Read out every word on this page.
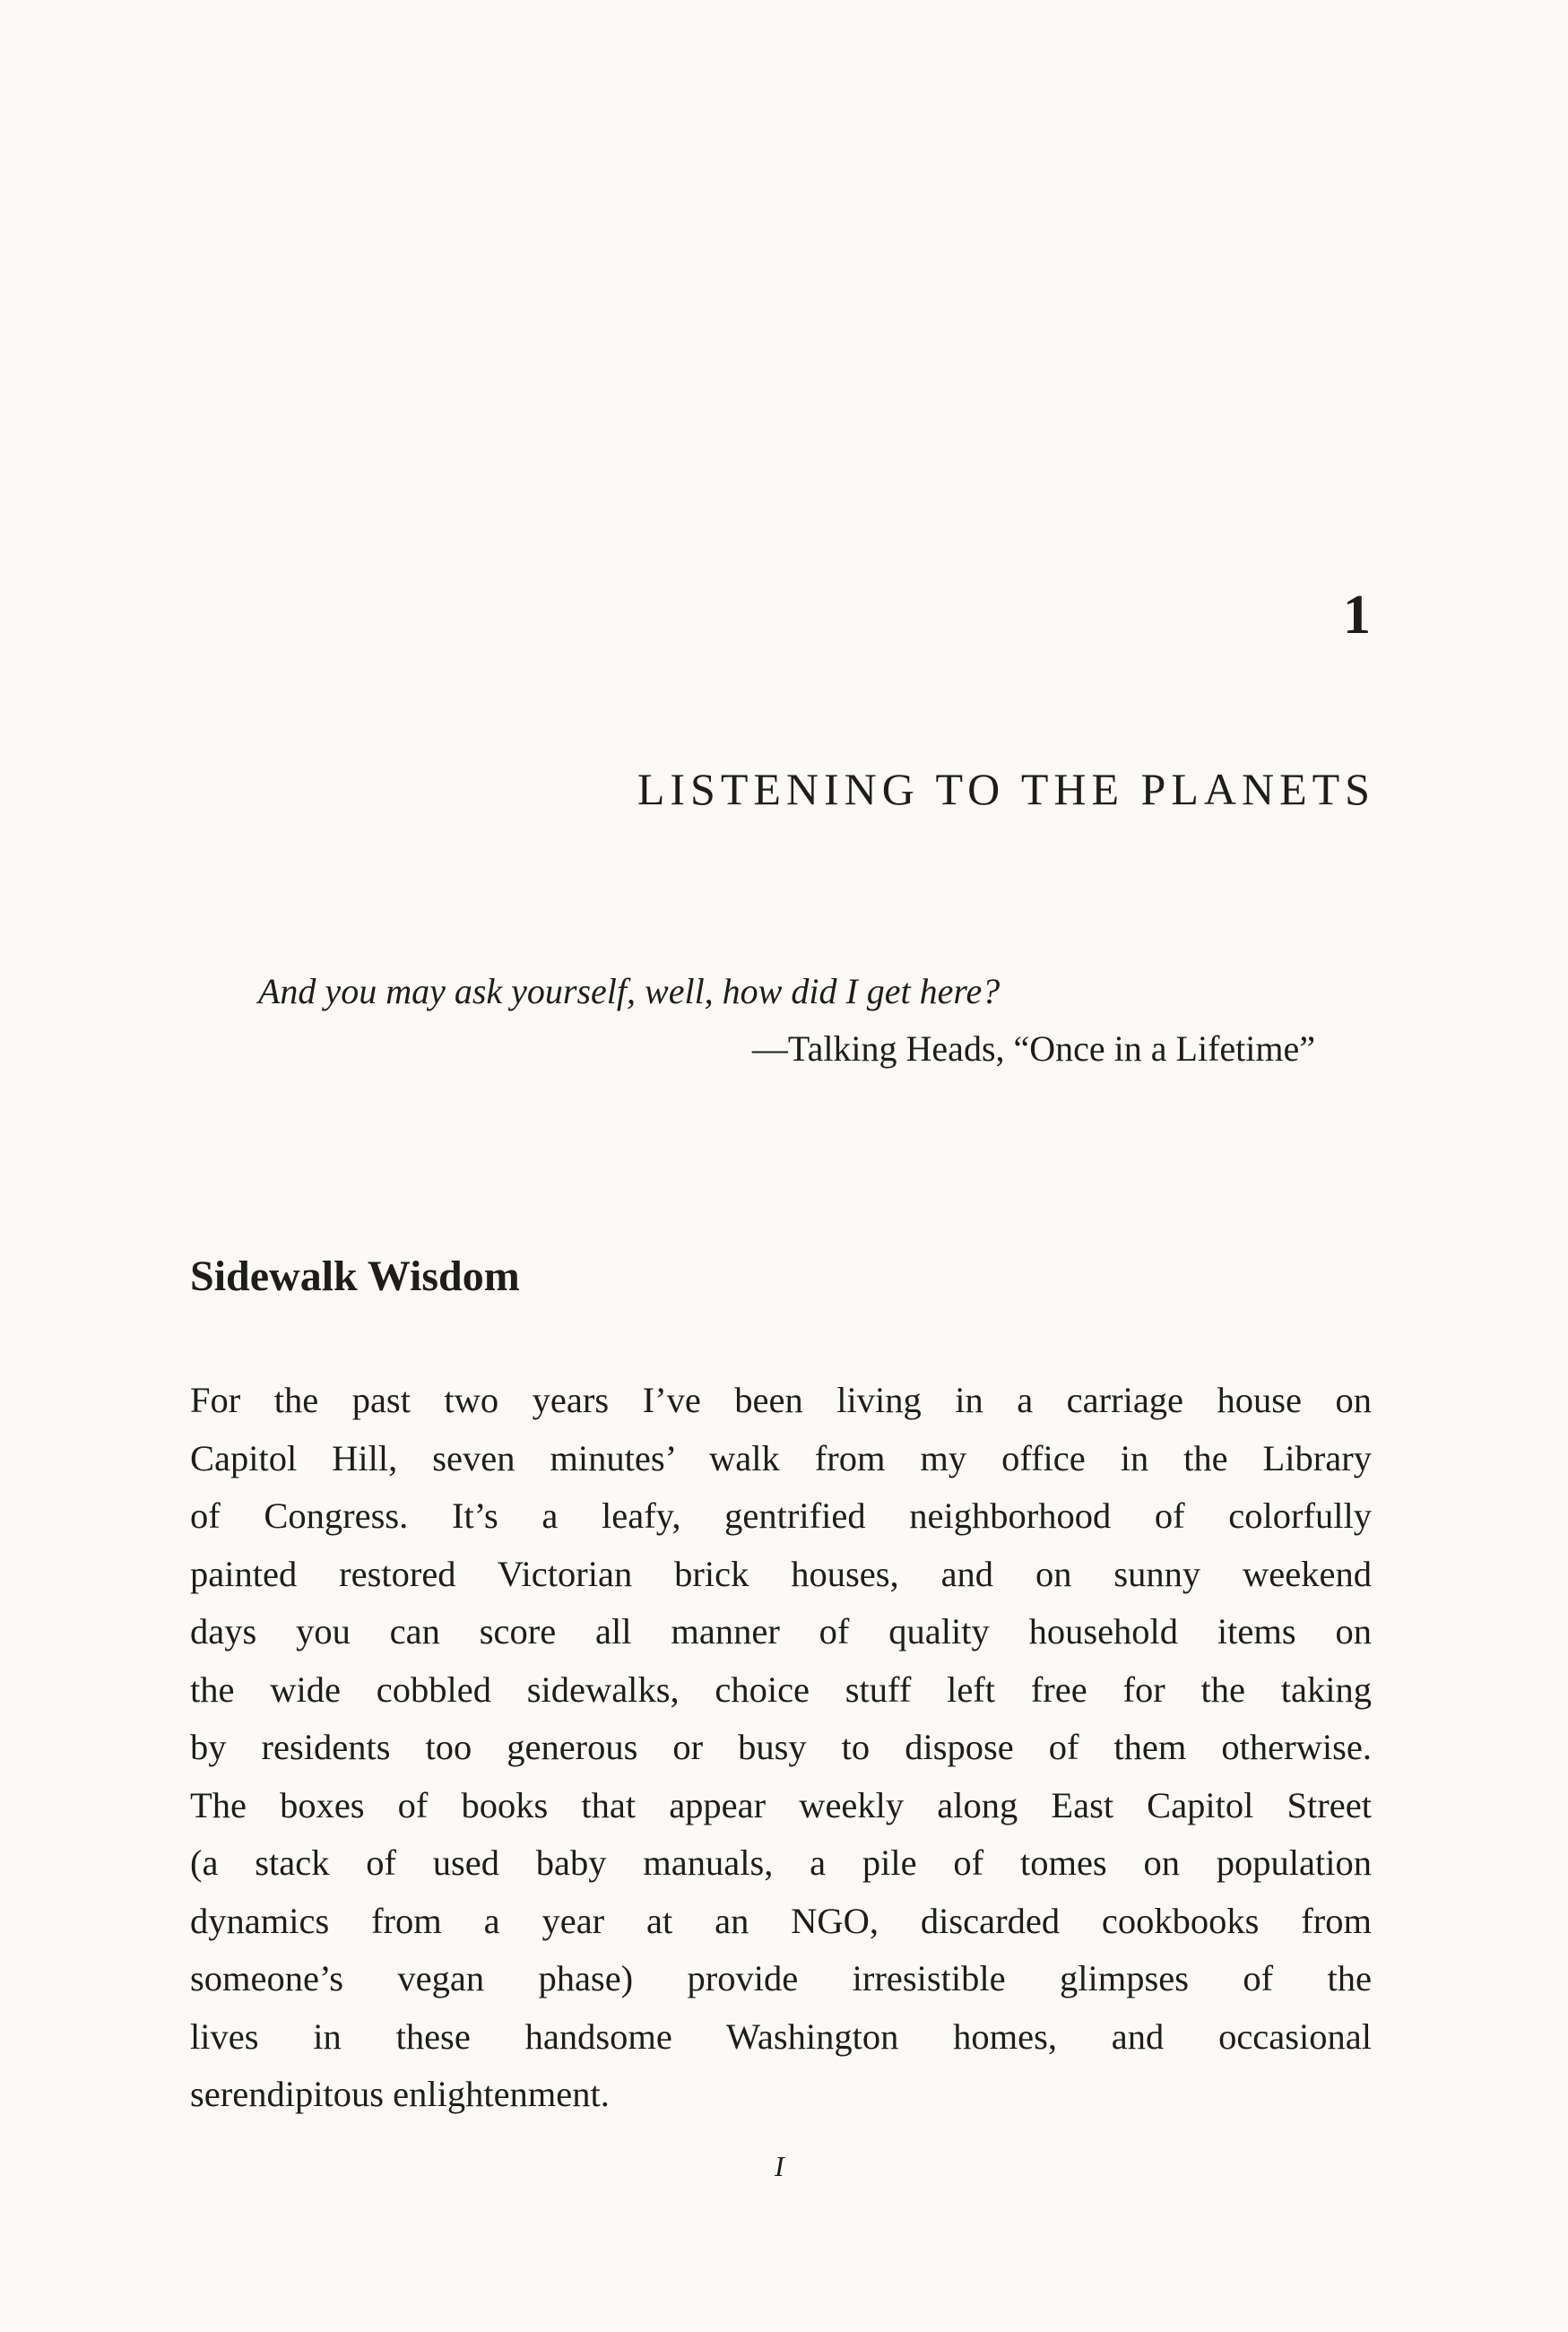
1
LISTENING TO THE PLANETS
And you may ask yourself, well, how did I get here?
—Talking Heads, “Once in a Lifetime”
Sidewalk Wisdom
For the past two years I’ve been living in a carriage house on
Capitol Hill, seven minutes’ walk from my office in the Library
of Congress. It’s a leafy, gentrified neighborhood of colorfully
painted restored Victorian brick houses, and on sunny weekend
days you can score all manner of quality household items on
the wide cobbled sidewalks, choice stuff left free for the taking
by residents too generous or busy to dispose of them otherwise.
The boxes of books that appear weekly along East Capitol Street
(a stack of used baby manuals, a pile of tomes on population
dynamics from a year at an NGO, discarded cookbooks from
someone’s vegan phase) provide irresistible glimpses of the
lives in these handsome Washington homes, and occasional
serendipitous enlightenment.
I
